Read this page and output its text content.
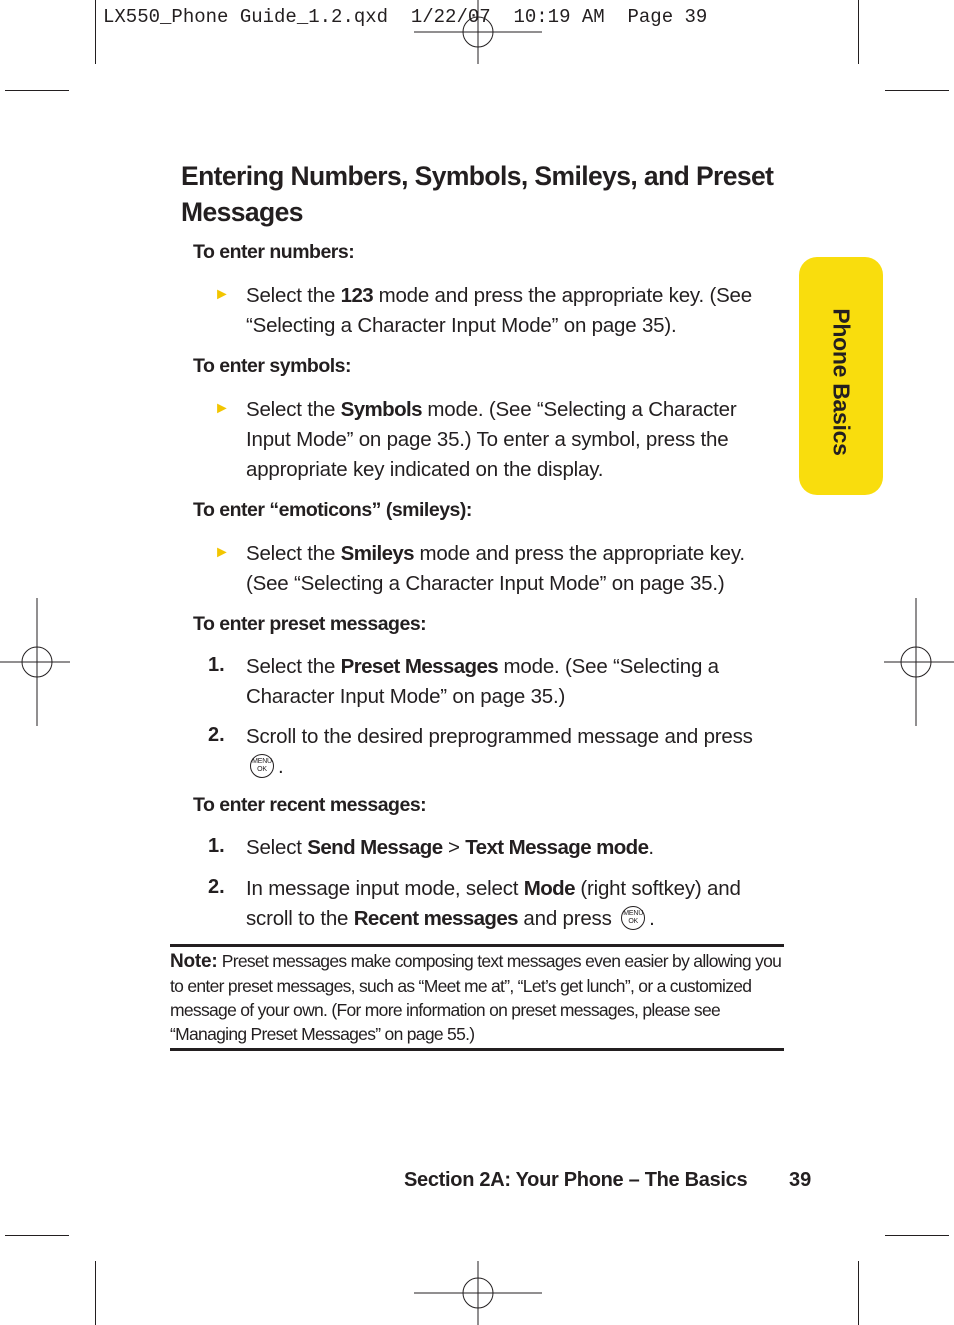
LX550_Phone Guide_1.2.qxd  1/22/07  10:19 AM  Page 39
Entering Numbers, Symbols, Smileys, and Preset Messages
To enter numbers:
► Select the 123 mode and press the appropriate key. (See “Selecting a Character Input Mode” on page 35).
To enter symbols:
► Select the Symbols mode. (See “Selecting a Character Input Mode” on page 35.) To enter a symbol, press the appropriate key indicated on the display.
To enter “emoticons” (smileys):
► Select the Smileys mode and press the appropriate key. (See “Selecting a Character Input Mode” on page 35.)
To enter preset messages:
1. Select the Preset Messages mode. (See “Selecting a Character Input Mode” on page 35.)
2. Scroll to the desired preprogrammed message and press MENU
OK .
To enter recent messages:
1. Select Send Message > Text Message mode.
2. In message input mode, select Mode (right softkey) and scroll to the Recent messages and press MENU
OK .
Note: Preset messages make composing text messages even easier by allowing you to enter preset messages, such as “Meet me at”, “Let’s get lunch”, or a customized message of your own. (For more information on preset messages, please see “Managing Preset Messages” on page 55.)
Phone Basics
Section 2A: Your Phone – The Basics 39
